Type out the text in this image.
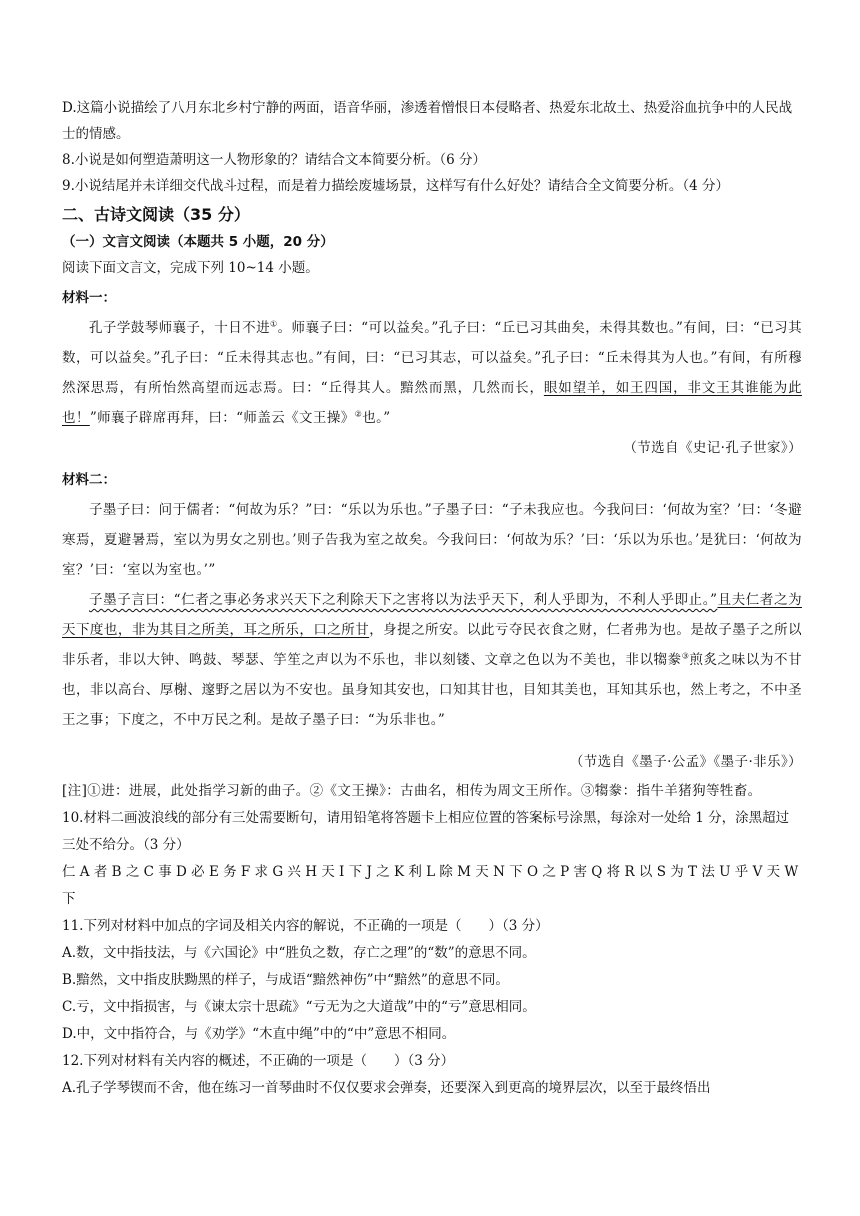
D.这篇小说描绘了八月东北乡村宁静的两面，语音华丽，渗透着憎恨日本侵略者、热爱东北故土、热爱浴血抗争中的人民战士的情感。

8.小说是如何塑造萧明这一人物形象的？请结合文本简要分析。（6 分）

9.小说结尾并未详细交代战斗过程，而是着力描绘废墟场景，这样写有什么好处？请结合全文简要分析。（4 分）

二、古诗文阅读（35 分）

（一）文言文阅读（本题共 5 小题，20 分）

阅读下面文言文，完成下列 10~14 小题。

材料一：

孔子学鼓琴师襄子，十日不进①。师襄子曰：“可以益矣。”孔子曰：“丘已习其曲矣，未得其数也。”有间，曰：“已习其数，可以益矣。”孔子曰：“丘未得其志也。”有间，曰：“已习其志，可以益矣。”孔子曰：“丘未得其为人也。”有间，有所穆然深思焉，有所怡然高望而远志焉。曰：“丘得其人。黯然而黑，几然而长，眼如望羊，如王四国，非文王其谁能为此也！”师襄子辟席再拜，曰：“师盖云《文王操》②也。”

（节选自《史记·孔子世家》）

材料二：

子墨子曰：问于儒者：“何故为乐？”曰：“乐以为乐也。”子墨子曰：“子未我应也。今我问曰：‘何故为室？’曰：‘冬避寒焉，夏避暑焉，室以为男女之别也。’则子告我为室之故矣。今我问曰：‘何故为乐？’曰：‘乐以为乐也。’是犹曰：‘何故为室？’曰：‘室以为室也。’”

子墨子言曰：“仁者之事必务求兴天下之利除天下之害将以为法乎天下，利人乎即为，不利人乎即止。”且夫仁者之为天下度也，非为其目之所美，耳之所乐，口之所甘，身提之所安。以此亏夺民衣食之财，仁者弗为也。是故子墨子之所以非乐者，非以大钟、鸣鼓、琴瑟、竽笙之声以为不乐也，非以刻镂、文章之色以为不美也，非以犓豢③煎炙之味以为不甘也，非以高台、厚榭、邃野之居以为不安也。虽身知其安也，口知其甘也，目知其美也，耳知其乐也，然上考之，不中圣王之事；下度之，不中万民之利。是故子墨子曰：“为乐非也。”

（节选自《墨子·公孟》《墨子·非乐》）

[注]①进：进展，此处指学习新的曲子。②《文王操》：古曲名，相传为周文王所作。③犓豢：指牛羊猪狗等牲畜。

10.材料二画波浪线的部分有三处需要断句，请用铅笔将答题卡上相应位置的答案标号涂黑，每涂对一处给 1 分，涂黑超过三处不给分。（3 分）

仁 A 者 B 之 C 事 D 必 E 务 F 求 G 兴 H 天 I 下 J 之 K 利 L 除 M 天 N 下 O 之 P 害 Q 将 R 以 S 为 T 法 U 乎 V 天 W 下

11.下列对材料中加点的字词及相关内容的解说，不正确的一项是（　　）（3 分）

A.数，文中指技法，与《六国论》中“胜负之数，存亡之理”的“数”的意思不同。

B.黯然，文中指皮肤黝黑的样子，与成语“黯然神伤”中“黯然”的意思不同。

C.亏，文中指损害，与《谏太宗十思疏》“亏无为之大道哉”中的“亏”意思相同。

D.中，文中指符合，与《劝学》“木直中绳”中的“中”意思不相同。

12.下列对材料有关内容的概述，不正确的一项是（　　）（3 分）

A.孔子学琴锲而不舍，他在练习一首琴曲时不仅仅要求会弹奏，还要深入到更高的境界层次，以至于最终悟出
